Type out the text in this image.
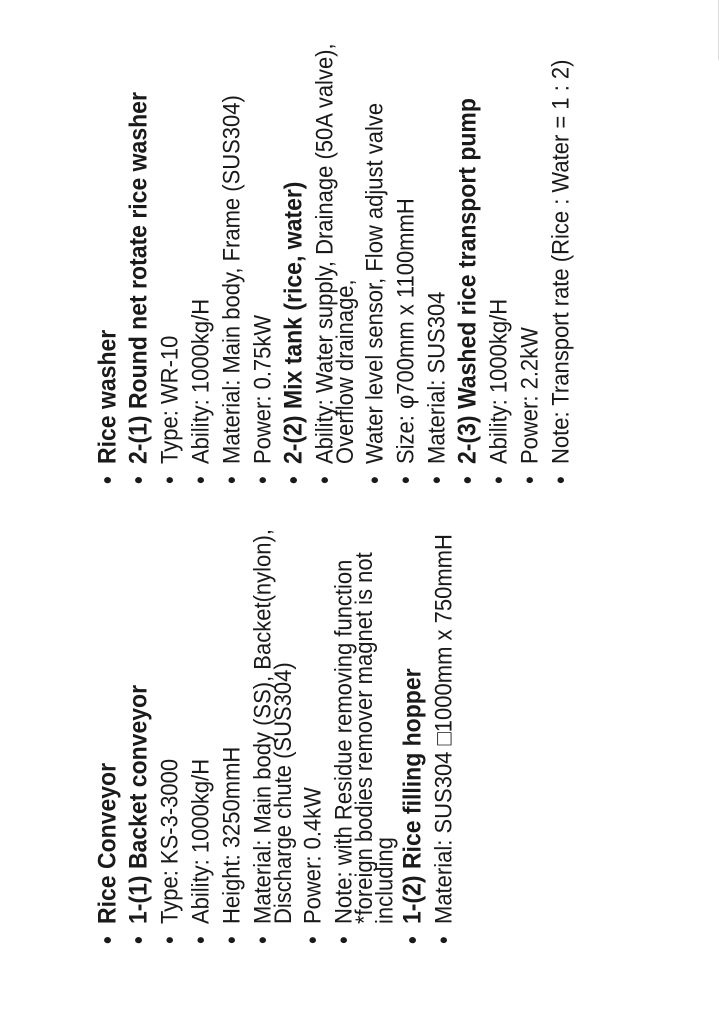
• Rice Conveyor • 1-(1) Backet conveyor • Type: KS-3-3000 • Ability: 1000kg/H • Height: 3250mmH • Material: Main body (SS), Backet(nylon), Discharge chute (SUS304) • Power: 0.4kW • Note: with Residue removing function *foreign bodies remover magnet is not including • 1-(2) Rice filling hopper • Material: SUS304 □1000mm x 750mmH
• Rice washer • 2-(1) Round net rotate rice washer • Type: WR-10 • Ability: 1000kg/H • Material: Main body, Frame (SUS304) • Power: 0.75kW • 2-(2) Mix tank (rice, water) • Ability: Water supply, Drainage (50A valve), Overflow drainage, • Water level sensor, Flow adjust valve • Size: φ700mm x 1100mmH • Material: SUS304 • 2-(3) Washed rice transport pump • Ability: 1000kg/H • Power: 2.2kW • Note: Transport rate (Rice : Water = 1 : 2)
